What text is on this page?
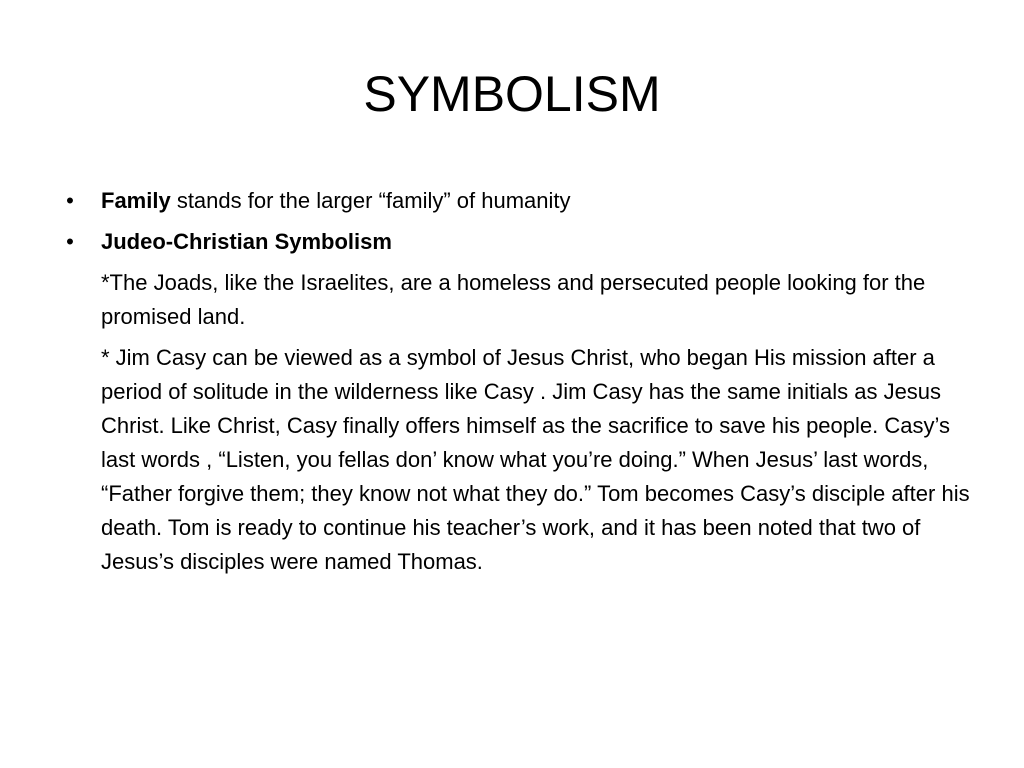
SYMBOLISM
• Family stands for the larger “family” of humanity
• Judeo-Christian Symbolism

*The Joads, like the Israelites, are a homeless and persecuted people looking for the promised land.

* Jim Casy can be viewed as a symbol of Jesus Christ, who began His mission after a period of solitude in the wilderness like Casy . Jim Casy has the same initials as Jesus Christ. Like Christ, Casy finally offers himself as the sacrifice to save his people. Casy’s last words , “Listen, you fellas don’ know what you’re doing.” When Jesus’ last words, “Father forgive them; they know not what they do.” Tom becomes Casy’s disciple after his death. Tom is ready to continue his teacher’s work, and it has been noted that two of Jesus’s disciples were named Thomas.
